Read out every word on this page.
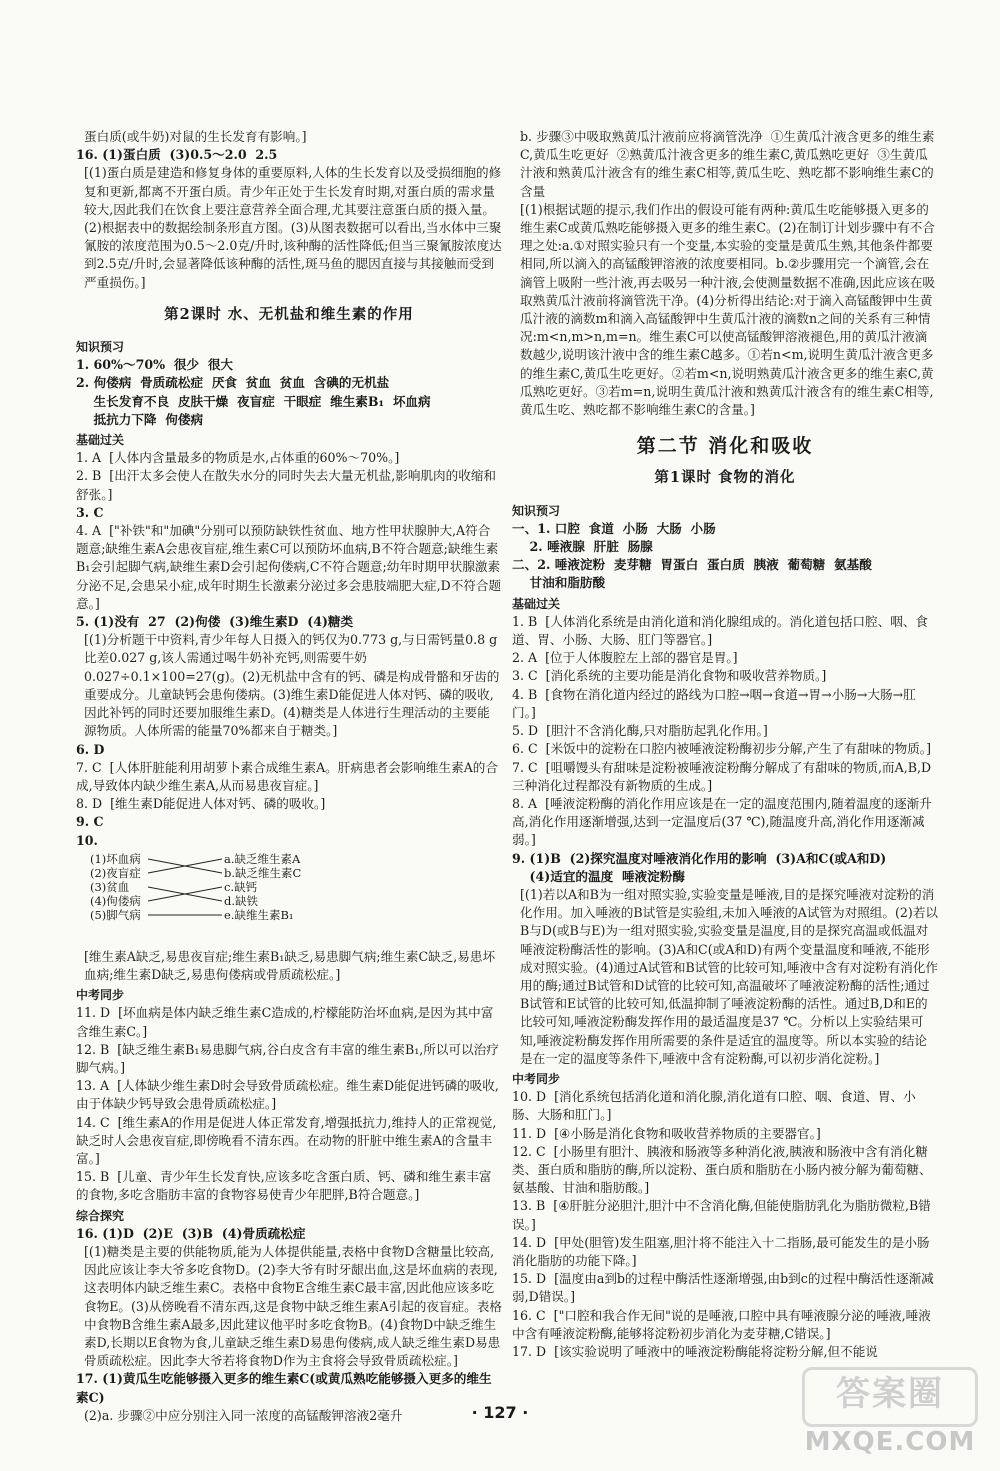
蛋白质(或牛奶)对鼠的生长发育有影响。]

16. (1)蛋白质  (3)0.5～2.0  2.5

[(1)蛋白质是建造和修复身体的重要原料,人体的生长发育以及受损细胞的修复和更新,都离不开蛋白质。青少年正处于生长发育时期,对蛋白质的需求量较大,因此我们在饮食上要注意营养全面合理,尤其要注意蛋白质的摄入量。(2)根据表中的数据绘制条形直方图。(3)从图表数据可以看出,当水体中三聚氰胺的浓度范围为0.5～2.0克/升时,该种酶的活性降低;但当三聚氰胺浓度达到2.5克/升时,会显著降低该种酶的活性,斑马鱼的腮因直接与其接触而受到严重损伤。]

第2课时 水、无机盐和维生素的作用
知识预习

1. 60%～70%  很少  很大

2. 佝偻病  骨质疏松症  厌食  贫血  贫血  含碘的无机盐

生长发育不良  皮肤干燥  夜盲症  干眼症  维生素B₁  坏血病

抵抗力下降  佝偻病

基础过关

1. A  [人体内含量最多的物质是水,占体重的60%～70%。]

2. B  [出汗太多会使人在散失水分的同时失去大量无机盐,影响肌肉的收缩和舒张。]

3. C

4. A  ["补铁"和"加碘"分别可以预防缺铁性贫血、地方性甲状腺肿大,A符合题意;缺维生素A会患夜盲症,维生素C可以预防坏血病,B不符合题意;缺维生素B₁会引起脚气病,缺维生素D会引起佝偻病,C不符合题意;幼年时期甲状腺激素分泌不足,会患呆小症,成年时期生长激素分泌过多会患肢端肥大症,D不符合题意。]

5. (1)没有  27  (2)佝偻  (3)维生素D  (4)糖类

[(1)分析题干中资料,青少年每人日摄入的钙仅为0.773 g,与日需钙量0.8 g比差0.027 g,该人需通过喝牛奶补充钙,则需要牛奶0.027÷0.1×100=27(g)。(2)无机盐中含有的钙、磷是构成骨骼和牙齿的重要成分。儿童缺钙会患佝偻病。(3)维生素D能促进人体对钙、磷的吸收,因此补钙的同时还要加服维生素D。(4)糖类是人体进行生理活动的主要能源物质。人体所需的能量70%都来自于糖类。]

6. D

7. C  [人体肝脏能利用胡萝卜素合成维生素A。肝病患者会影响维生素A的合成,导致体内缺少维生素A,从而易患夜盲症。]

8. D  [维生素D能促进人体对钙、磷的吸收。]

9. C

10.

(1)坏血病
(2)夜盲症
(3)贫血
(4)佝偻病
(5)脚气病
a.缺乏维生素A
b.缺乏维生素C
c.缺钙
d.缺铁
e.缺维生素B₁

[维生素A缺乏,易患夜盲症;维生素B₁缺乏,易患脚气病;维生素C缺乏,易患坏血病;维生素D缺乏,易患佝偻病或骨质疏松症。]

中考同步

11. D  [坏血病是体内缺乏维生素C造成的,柠檬能防治坏血病,是因为其中富含维生素C。]

12. B  [缺乏维生素B₁易患脚气病,谷白皮含有丰富的维生素B₁,所以可以治疗脚气病。]

13. A  [人体缺少维生素D时会导致骨质疏松症。维生素D能促进钙磷的吸收,由于体缺少钙导致会患骨质疏松症。]

14. C  [维生素A的作用是促进人体正常发育,增强抵抗力,维持人的正常视觉,缺乏时人会患夜盲症,即傍晚看不清东西。在动物的肝脏中维生素A的含量丰富。]

15. B  [儿童、青少年生长发育快,应该多吃含蛋白质、钙、磷和维生素丰富的食物,多吃含脂肪丰富的食物容易使青少年肥胖,B符合题意。]

综合探究

16. (1)D  (2)E  (3)B  (4)骨质疏松症

[(1)糖类是主要的供能物质,能为人体提供能量,表格中食物D含糖量比较高,因此应该让李大爷多吃食物D。(2)李大爷有时牙龈出血,这是坏血病的表现,这表明体内缺乏维生素C。表格中食物E含维生素C最丰富,因此他应该多吃食物E。(3)从傍晚看不清东西,这是食物中缺乏维生素A引起的夜盲症。表格中食物B含维生素A最多,因此建议他平时多吃食物B。(4)食物D中缺乏维生素D,长期以E食物为食,儿童缺乏维生素D易患佝偻病,成人缺乏维生素D易患骨质疏松症。因此李大爷若将食物D作为主食将会导致骨质疏松症。]

17. (1)黄瓜生吃能够摄入更多的维生素C(或黄瓜熟吃能够摄入更多的维生素C)

(2)a. 步骤②中应分别注入同一浓度的高锰酸钾溶液2毫升

b. 步骤③中吸取熟黄瓜汁液前应将滴管洗净  ①生黄瓜汁液含更多的维生素C,黄瓜生吃更好  ②熟黄瓜汁液含更多的维生素C,黄瓜熟吃更好  ③生黄瓜汁液和熟黄瓜汁液含有的维生素C相等,黄瓜生吃、熟吃都不影响维生素C的含量

[(1)根据试题的提示,我们作出的假设可能有两种:黄瓜生吃能够摄入更多的维生素C或黄瓜熟吃能够摄入更多的维生素C。(2)在制订计划步骤中有不合理之处:a.①对照实验只有一个变量,本实验的变量是黄瓜生熟,其他条件都要相同,所以滴入的高锰酸钾溶液的浓度要相同。b.②步骤用完一个滴管,会在滴管上吸附一些汁液,再去吸另一种汁液,会使测量数据不准确,因此应该在吸取熟黄瓜汁液前将滴管洗干净。(4)分析得出结论:对于滴入高锰酸钾中生黄瓜汁液的滴数m和滴入高锰酸钾中生黄瓜汁液的滴数n之间的关系有三种情况:m<n,m>n,m=n。维生素C可以使高锰酸钾溶液褪色,用的黄瓜汁液滴数越少,说明该汁液中含的维生素C越多。①若n<m,说明生黄瓜汁液含更多的维生素C,黄瓜生吃更好。②若m<n,说明熟黄瓜汁液含更多的维生素C,黄瓜熟吃更好。③若m=n,说明生黄瓜汁液和熟黄瓜汁液含有的维生素C相等,黄瓜生吃、熟吃都不影响维生素C的含量。]

第二节 消化和吸收
第1课时 食物的消化
知识预习

一、1. 口腔  食道  小肠  大肠  小肠

2. 唾液腺  肝脏  肠腺

二、2. 唾液淀粉  麦芽糖  胃蛋白  蛋白质  胰液  葡萄糖  氨基酸

甘油和脂肪酸

基础过关

1. B  [人体消化系统是由消化道和消化腺组成的。消化道包括口腔、咽、食道、胃、小肠、大肠、肛门等器官。]

2. A  [位于人体腹腔左上部的器官是胃。]

3. C  [消化系统的主要功能是消化食物和吸收营养物质。]

4. B  [食物在消化道内经过的路线为口腔→咽→食道→胃→小肠→大肠→肛门。]

5. D  [胆汁不含消化酶,只对脂肪起乳化作用。]

6. C  [米饭中的淀粉在口腔内被唾液淀粉酶初步分解,产生了有甜味的物质。]

7. C  [咀嚼馒头有甜味是淀粉被唾液淀粉酶分解成了有甜味的物质,而A,B,D三种消化过程都没有新物质的生成。]

8. A  [唾液淀粉酶的消化作用应该是在一定的温度范围内,随着温度的逐渐升高,消化作用逐渐增强,达到一定温度后(37 ℃),随温度升高,消化作用逐渐减弱。]

9. (1)B  (2)探究温度对唾液消化作用的影响  (3)A和C(或A和D)

(4)适宜的温度  唾液淀粉酶

[(1)若以A和B为一组对照实验,实验变量是唾液,目的是探究唾液对淀粉的消化作用。加入唾液的B试管是实验组,未加入唾液的A试管为对照组。(2)若以B与D(或B与E)为一组对照实验,实验变量是温度,目的是探究高温或低温对唾液淀粉酶活性的影响。(3)A和C(或A和D)有两个变量温度和唾液,不能形成对照实验。(4)通过A试管和B试管的比较可知,唾液中含有对淀粉有消化作用的酶;通过B试管和D试管的比较可知,高温破坏了唾液淀粉酶的活性;通过B试管和E试管的比较可知,低温抑制了唾液淀粉酶的活性。通过B,D和E的比较可知,唾液淀粉酶发挥作用的最适温度是37 ℃。分析以上实验结果可知,唾液淀粉酶发挥作用所需要的条件是适宜的温度等。所以本实验的结论是在一定的温度等条件下,唾液中含有淀粉酶,可以初步消化淀粉。]

中考同步

10. D  [消化系统包括消化道和消化腺,消化道有口腔、咽、食道、胃、小肠、大肠和肛门。]

11. D  [④小肠是消化食物和吸收营养物质的主要器官。]

12. C  [小肠里有胆汁、胰液和肠液等多种消化液,胰液和肠液中含有消化糖类、蛋白质和脂肪的酶,所以淀粉、蛋白质和脂肪在小肠内被分解为葡萄糖、氨基酸、甘油和脂肪酸。]

13. B  [④肝脏分泌胆汁,胆汁中不含消化酶,但能使脂肪乳化为脂肪微粒,B错误。]

14. D  [甲处(胆管)发生阻塞,胆汁将不能注入十二指肠,最可能发生的是小肠消化脂肪的功能下降。]

15. D  [温度由a到b的过程中酶活性逐渐增强,由b到c的过程中酶活性逐渐减弱,D错误。]

16. C  ["口腔和我合作无间"说的是唾液,口腔中具有唾液腺分泌的唾液,唾液中含有唾液淀粉酶,能够将淀粉初步消化为麦芽糖,C错误。]

17. D  [该实验说明了唾液中的唾液淀粉酶能将淀粉分解,但不能说

· 127 ·	答案圈
MXQE.COM
